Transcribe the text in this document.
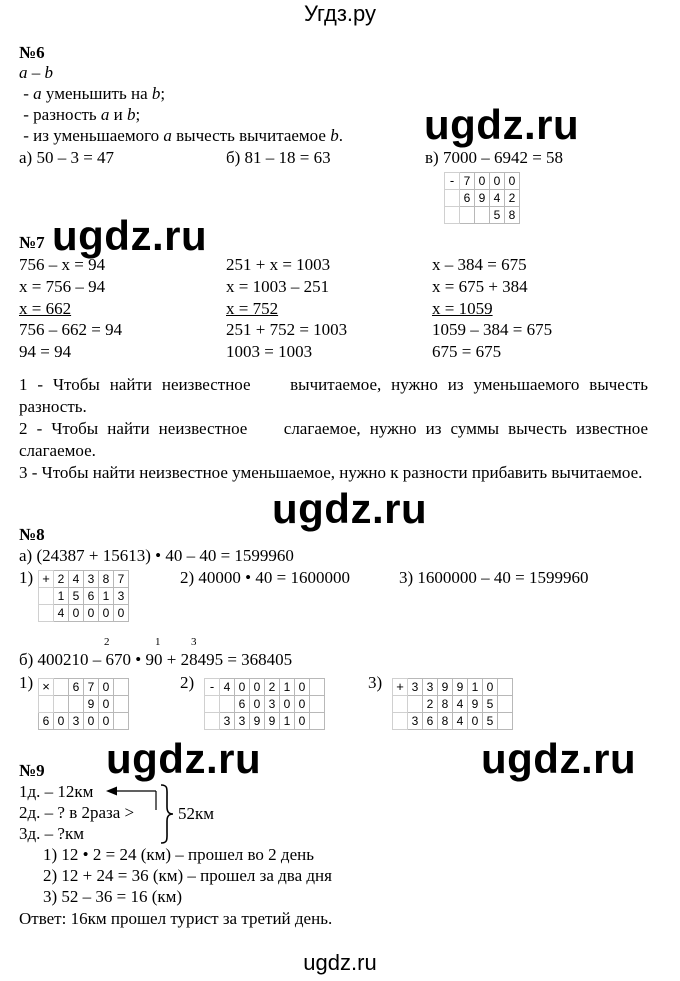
Угдз.ру
ugdz.ru
ugdz.ru
ugdz.ru
ugdz.ru	ugdz.ru
№6
a – b
- a уменьшить на b;
- разность a и b;
- из уменьшаемого a вычесть вычитаемое b.
а) 50 – 3 = 47	б) 81 – 18 = 63	в) 7000 – 6942 = 58
-	7	0	0	0
	6	9	4	2
			5	8
№7
756 – x = 94
x = 756 – 94
x = 662
756 – 662 = 94
94 = 94
251 + x = 1003
x = 1003 – 251
x = 752
251 + 752 = 1003
1003 = 1003
x – 384 = 675
x = 675 + 384
x = 1059
1059 – 384 = 675
675 = 675
1 - Чтобы найти неизвестное    вычитаемое, нужно из уменьшаемого вычесть разность.
2 - Чтобы найти неизвестное    слагаемое, нужно из суммы вычесть известное слагаемое.
3 - Чтобы найти неизвестное уменьшаемое, нужно к разности прибавить вычитаемое.
№8
а) (24387 + 15613) • 40 – 40 = 1599960
1) +	2	4	3	8	7
	1	5	6	1	3
	4	0	0	0	0
2) 40000 • 40 = 1600000	3) 1600000 – 40 = 1599960
2	1	3
б) 400210 – 670 • 90 + 28495 = 368405
1) ×		6	7	0	
			9	0	
6	0	3	0	0	
2) -	4	0	0	2	1	0	
		6	0	3	0	0	
	3	3	9	9	1	0	
3) +	3	3	9	9	1	0	
		2	8	4	9	5	
	3	6	8	4	0	5	
№9
1д. – 12км
2д. – ? в 2раза >
3д. – ?км
52км
1) 12 • 2 = 24 (км) – прошел во 2 день
2) 12 + 24 = 36 (км) – прошел за два дня
3) 52 – 36 = 16 (км)
Ответ: 16км прошел турист за третий день.
ugdz.ru
